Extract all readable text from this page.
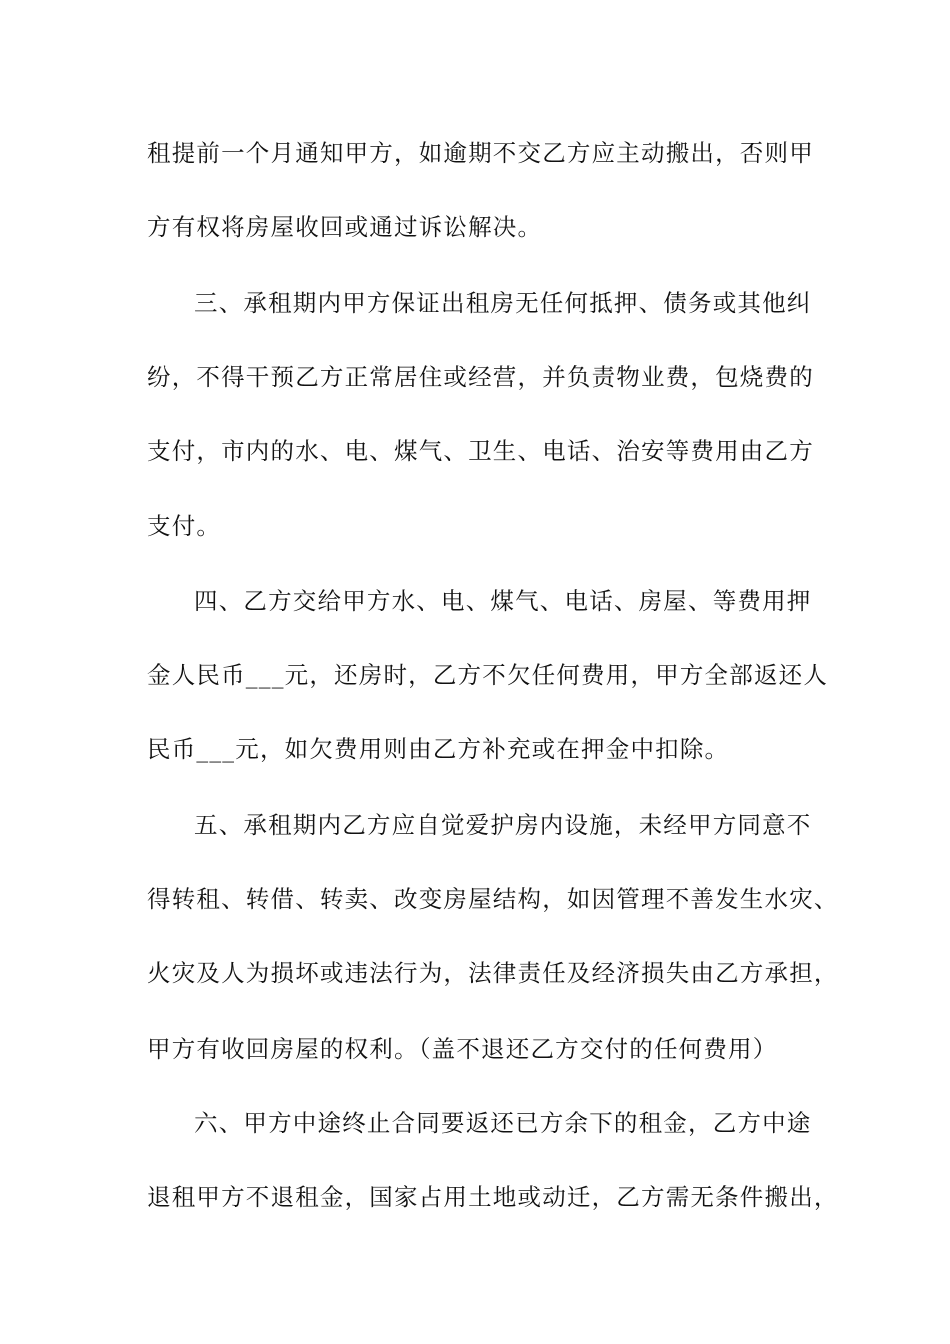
租提前一个月通知甲方，如逾期不交乙方应主动搬出，否则甲
方有权将房屋收回或通过诉讼解决。
三、承租期内甲方保证出租房无任何抵押、债务或其他纠
纷，不得干预乙方正常居住或经营，并负责物业费，包烧费的
支付，市内的水、电、煤气、卫生、电话、治安等费用由乙方
支付。
四、乙方交给甲方水、电、煤气、电话、房屋、等费用押
金人民币___元，还房时，乙方不欠任何费用，甲方全部返还人
民币___元，如欠费用则由乙方补充或在押金中扣除。
五、承租期内乙方应自觉爱护房内设施，未经甲方同意不
得转租、转借、转卖、改变房屋结构，如因管理不善发生水灾、
火灾及人为损坏或违法行为，法律责任及经济损失由乙方承担，
甲方有收回房屋的权利。（盖不退还乙方交付的任何费用）
六、甲方中途终止合同要返还已方余下的租金，乙方中途
退租甲方不退租金，国家占用土地或动迁，乙方需无条件搬出，
